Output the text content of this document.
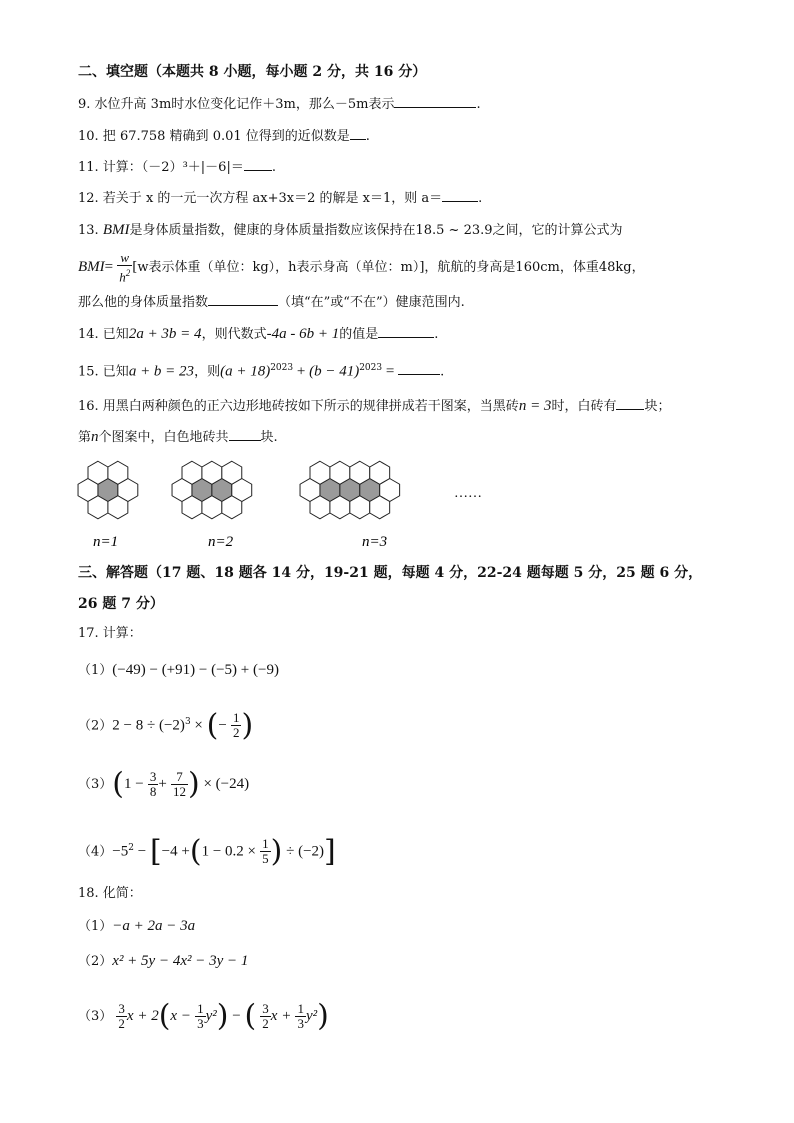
二、填空题（本题共 8 小题，每小题 2 分，共 16 分）
9. 水位升高 3m时水位变化记作＋3m，那么－5m表示	.
10. 把 67.758 精确到 0.01 位得到的近似数是 .
11. 计算：（－2）³＋|－6|＝ .
12. 若关于 x 的一元一次方程 ax+3x＝2 的解是 x＝1，则 a＝	.
13. BMI是身体质量指数，健康的身体质量指数应该保持在18.5 ~ 23.9之间，它的计算公式为
$BMI= \frac{w}{h^2} [w$表示体重（单位：kg），h表示身高（单位：m）]，航航的身高是160cm，体重48kg，
那么他的身体质量指数	（填“在”或“不在”）健康范围内.
14. 已知2a + 3b = 4，则代数式-4a - 6b + 1的值是	.
15. 已知a + b = 23，则$(a + 18)^{2023} + (b - 41)^{2023}$ =	.
16. 用黑白两种颜色的正六边形地砖按如下所示的规律拼成若干图案，当黑砖n = 3时，白砖有 块；
第n个图案中，白色地砖共 块.
n=1	n=2	n=3
……
三、解答题（17 题、18 题各 14 分，19-21 题，每题 4 分，22-24 题每题 5 分，25 题 6 分，
26 题 7 分）
17. 计算：
（1）(−49) − (+91) − (−5) + (−9)
$(2)2 - 8 \div (-2)^3$ × (− $\frac{1}{2}$ )
$(3)(1 - \frac{3}{8} + \frac{7}{12}$ ) × (−24)
$(4)-5^2 - [-4 +(1 - 0.2 \times \frac{1}{5}$ ) ÷ (−2)]
18. 化简：
（1）−a + 2a − 3a
（2）x² + 5y − 4x² − 3y − 1
$(3) \frac{3}{2}$ $x + 2(x - \frac{1}{3} y^2)$ − ( $\frac{3}{2}$ $x + \frac{1}{3} y^2$)
